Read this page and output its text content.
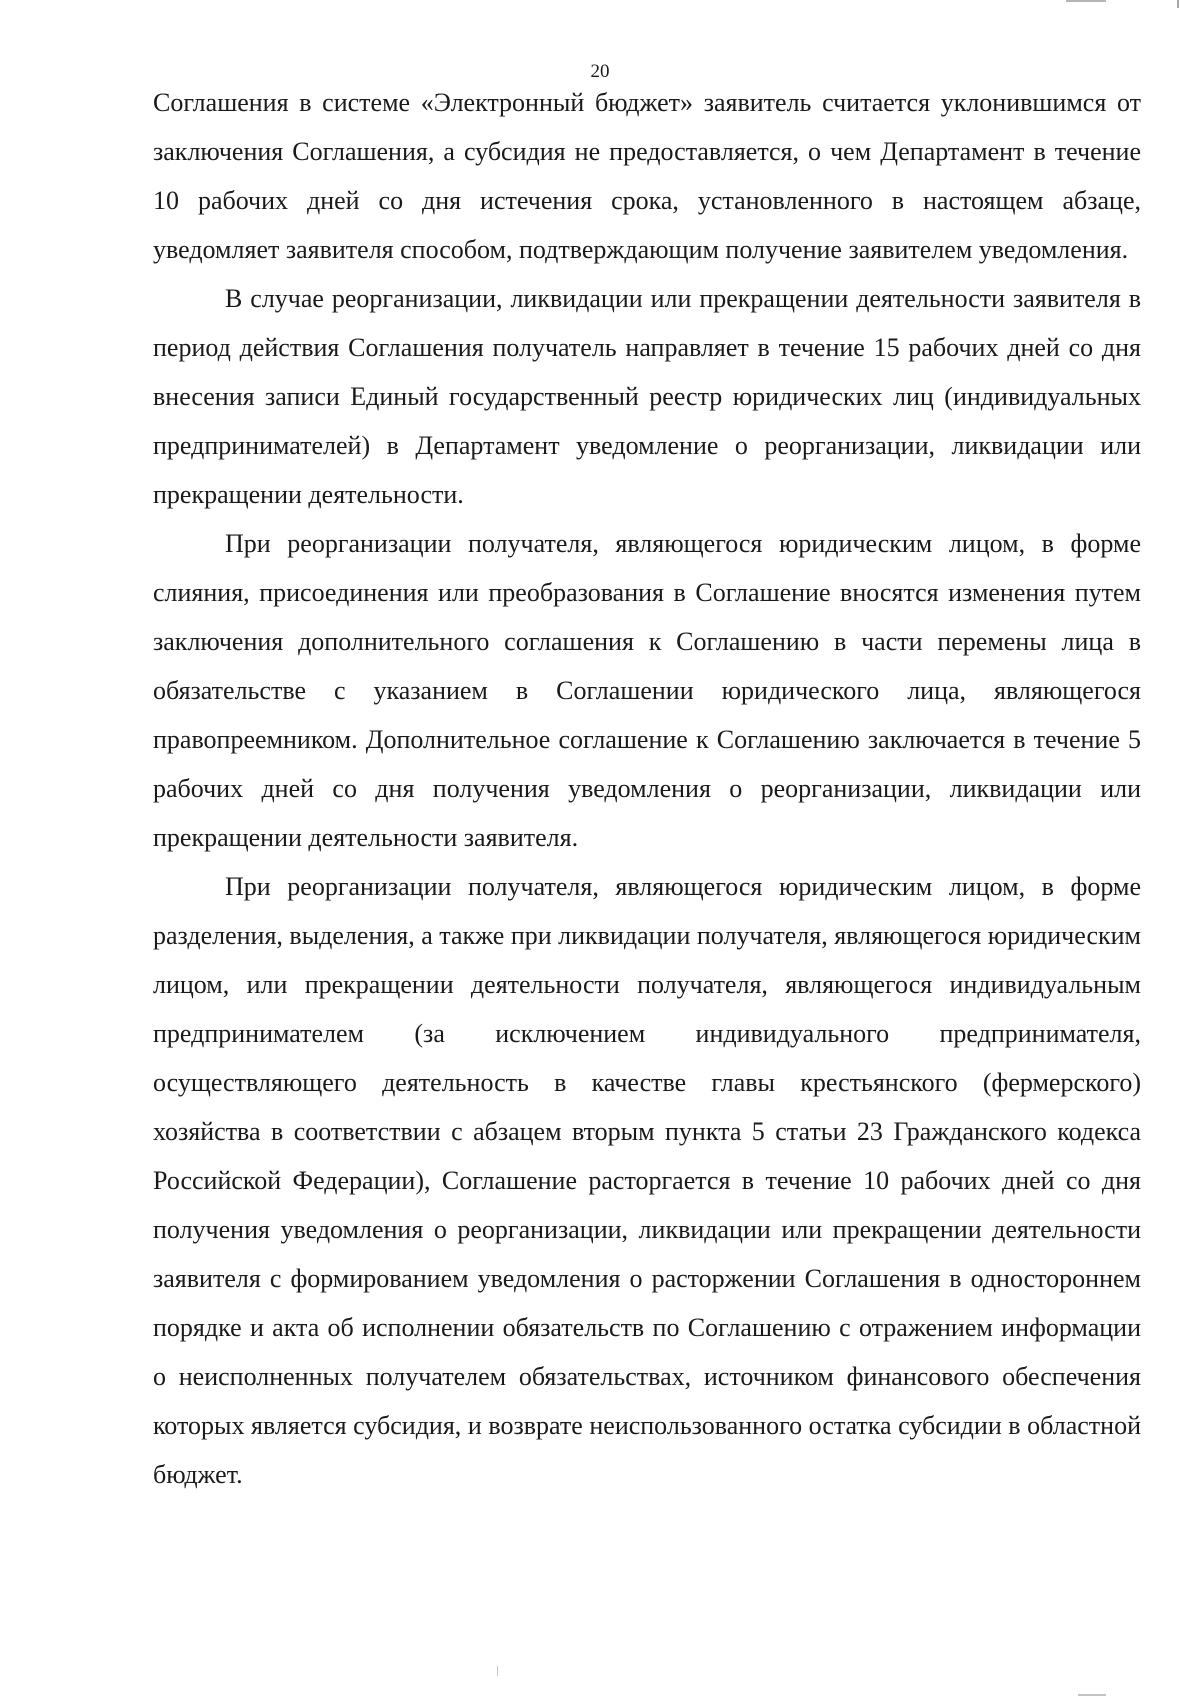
20

Соглашения в системе «Электронный бюджет» заявитель считается уклонившимся от заключения Соглашения, а субсидия не предоставляется, о чем Департамент в течение 10 рабочих дней со дня истечения срока, установленного в настоящем абзаце, уведомляет заявителя способом, подтверждающим получение заявителем уведомления.

В случае реорганизации, ликвидации или прекращении деятельности заявителя в период действия Соглашения получатель направляет в течение 15 рабочих дней со дня внесения записи Единый государственный реестр юридических лиц (индивидуальных предпринимателей) в Департамент уведомление о реорганизации, ликвидации или прекращении деятельности.

При реорганизации получателя, являющегося юридическим лицом, в форме слияния, присоединения или преобразования в Соглашение вносятся изменения путем заключения дополнительного соглашения к Соглашению в части перемены лица в обязательстве с указанием в Соглашении юридического лица, являющегося правопреемником. Дополнительное соглашение к Соглашению заключается в течение 5 рабочих дней со дня получения уведомления о реорганизации, ликвидации или прекращении деятельности заявителя.

При реорганизации получателя, являющегося юридическим лицом, в форме разделения, выделения, а также при ликвидации получателя, являющегося юридическим лицом, или прекращении деятельности получателя, являющегося индивидуальным предпринимателем (за исключением индивидуального предпринимателя, осуществляющего деятельность в качестве главы крестьянского (фермерского) хозяйства в соответствии с абзацем вторым пункта 5 статьи 23 Гражданского кодекса Российской Федерации), Соглашение расторгается в течение 10 рабочих дней со дня получения уведомления о реорганизации, ликвидации или прекращении деятельности заявителя с формированием уведомления о расторжении Соглашения в одностороннем порядке и акта об исполнении обязательств по Соглашению с отражением информации о неисполненных получателем обязательствах, источником финансового обеспечения которых является субсидия, и возврате неиспользованного остатка субсидии в областной бюджет.
